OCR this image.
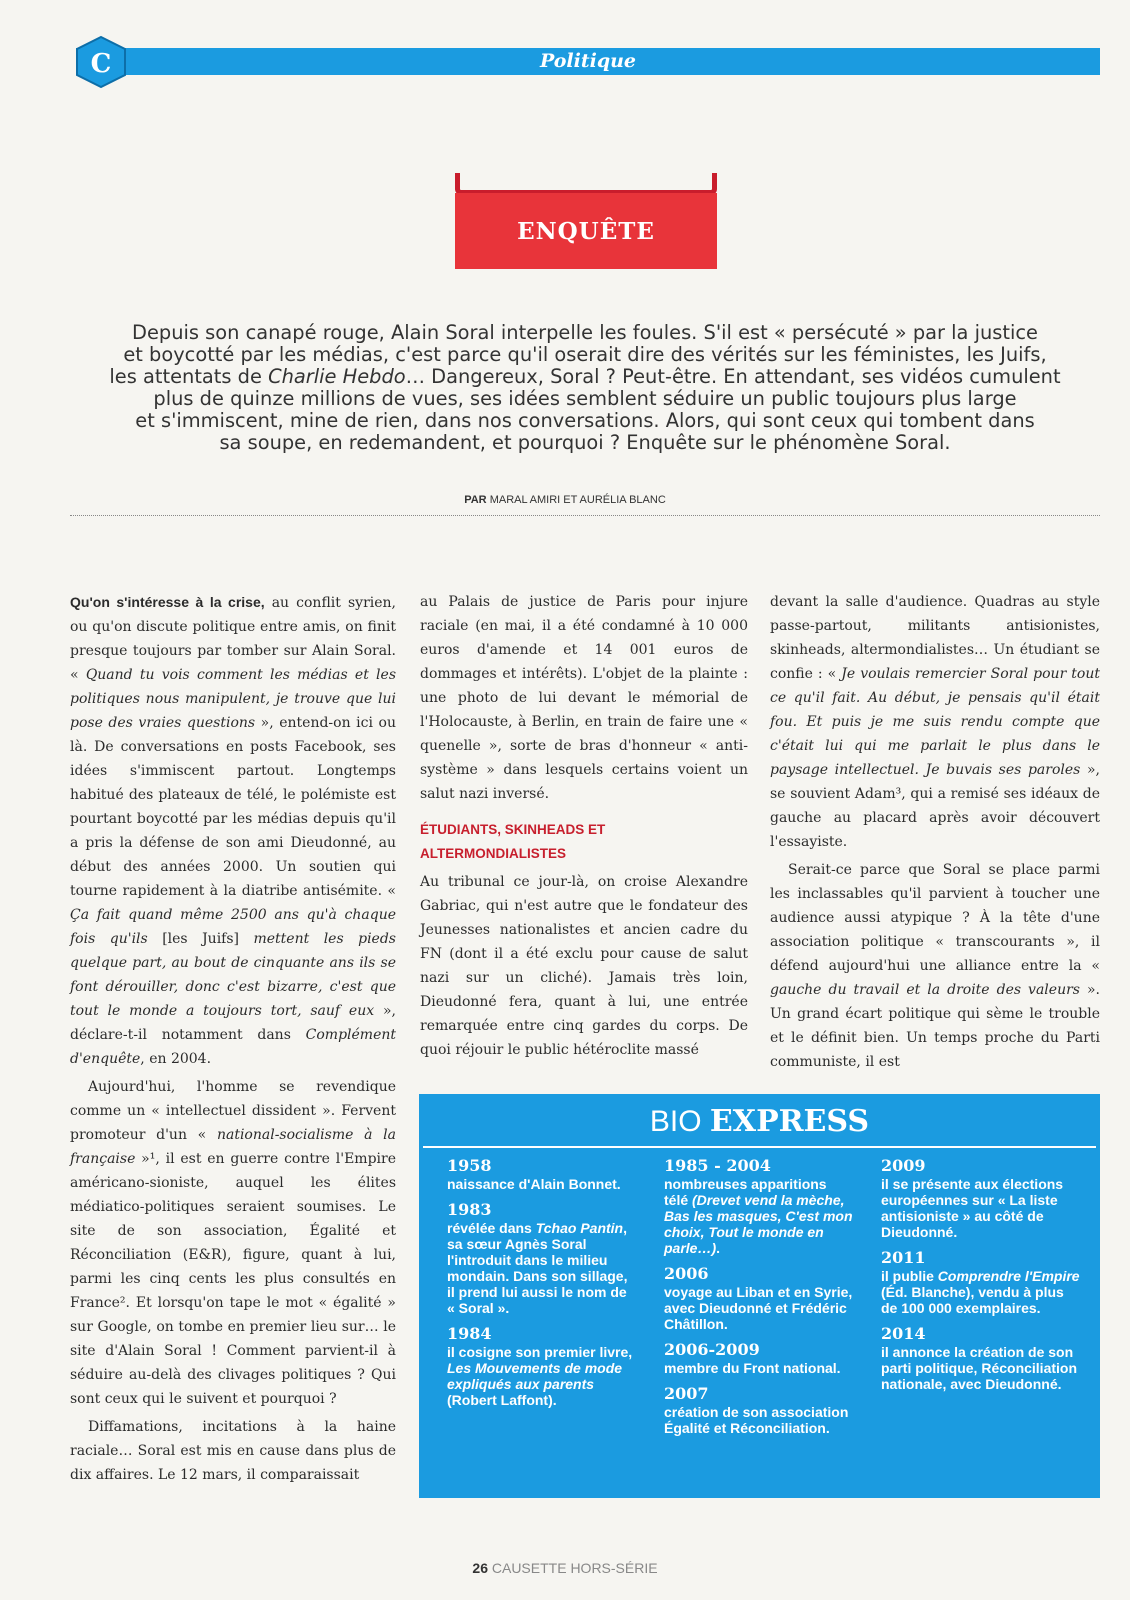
Politique
C
ENQUÊTE
Depuis son canapé rouge, Alain Soral interpelle les foules. S'il est « persécuté » par la justice
et boycotté par les médias, c'est parce qu'il oserait dire des vérités sur les féministes, les Juifs,
les attentats de Charlie Hebdo… Dangereux, Soral ? Peut-être. En attendant, ses vidéos cumulent
plus de quinze millions de vues, ses idées semblent séduire un public toujours plus large
et s'immiscent, mine de rien, dans nos conversations. Alors, qui sont ceux qui tombent dans
sa soupe, en redemandent, et pourquoi ? Enquête sur le phénomène Soral.
PAR MARAL AMIRI ET AURÉLIA BLANC

Qu'on s'intéresse à la crise, au conflit syrien, ou qu'on discute politique entre amis, on finit presque toujours par tomber sur Alain Soral. « Quand tu vois comment les médias et les politiques nous manipulent, je trouve que lui pose des vraies questions », entend-on ici ou là. De conversations en posts Facebook, ses idées s'immiscent partout. Longtemps habitué des plateaux de télé, le polémiste est pourtant boycotté par les médias depuis qu'il a pris la défense de son ami Dieudonné, au début des années 2000. Un soutien qui tourne rapidement à la diatribe antisémite. « Ça fait quand même 2500 ans qu'à chaque fois qu'ils [les Juifs] mettent les pieds quelque part, au bout de cinquante ans ils se font dérouiller, donc c'est bizarre, c'est que tout le monde a toujours tort, sauf eux », déclare-t-il notamment dans Complément d'enquête, en 2004.

Aujourd'hui, l'homme se revendique comme un « intellectuel dissident ». Fervent promoteur d'un « national-socialisme à la française »¹, il est en guerre contre l'Empire américano-sioniste, auquel les élites médiatico-politiques seraient soumises. Le site de son association, Égalité et Réconciliation (E&R), figure, quant à lui, parmi les cinq cents les plus consultés en France². Et lorsqu'on tape le mot « égalité » sur Google, on tombe en premier lieu sur… le site d'Alain Soral ! Comment parvient-il à séduire au-delà des clivages politiques ? Qui sont ceux qui le suivent et pourquoi ?

Diffamations, incitations à la haine raciale… Soral est mis en cause dans plus de dix affaires. Le 12 mars, il comparaissait

au Palais de justice de Paris pour injure raciale (en mai, il a été condamné à 10 000 euros d'amende et 14 001 euros de dommages et intérêts). L'objet de la plainte : une photo de lui devant le mémorial de l'Holocauste, à Berlin, en train de faire une « quenelle », sorte de bras d'honneur « anti-système » dans lesquels certains voient un salut nazi inversé.

ÉTUDIANTS, SKINHEADS ET ALTERMONDIALISTES

Au tribunal ce jour-là, on croise Alexandre Gabriac, qui n'est autre que le fondateur des Jeunesses nationalistes et ancien cadre du FN (dont il a été exclu pour cause de salut nazi sur un cliché). Jamais très loin, Dieudonné fera, quant à lui, une entrée remarquée entre cinq gardes du corps. De quoi réjouir le public hétéroclite massé

devant la salle d'audience. Quadras au style passe-partout, militants antisionistes, skinheads, altermondialistes… Un étudiant se confie : « Je voulais remercier Soral pour tout ce qu'il fait. Au début, je pensais qu'il était fou. Et puis je me suis rendu compte que c'était lui qui me parlait le plus dans le paysage intellectuel. Je buvais ses paroles », se souvient Adam³, qui a remisé ses idéaux de gauche au placard après avoir découvert l'essayiste.

Serait-ce parce que Soral se place parmi les inclassables qu'il parvient à toucher une audience aussi atypique ? À la tête d'une association politique « transcourants », il défend aujourd'hui une alliance entre la « gauche du travail et la droite des valeurs ». Un grand écart politique qui sème le trouble et le définit bien. Un temps proche du Parti communiste, il est

BIO EXPRESS
1958
naissance d'Alain Bonnet.
1983
révélée dans Tchao Pantin, sa sœur Agnès Soral l'introduit dans le milieu mondain. Dans son sillage, il prend lui aussi le nom de « Soral ».
1984
il cosigne son premier livre, Les Mouvements de mode expliqués aux parents (Robert Laffont).
1985 - 2004
nombreuses apparitions télé (Drevet vend la mèche, Bas les masques, C'est mon choix, Tout le monde en parle…).
2006
voyage au Liban et en Syrie, avec Dieudonné et Frédéric Châtillon.
2006-2009
membre du Front national.
2007
création de son association Égalité et Réconciliation.
2009
il se présente aux élections européennes sur « La liste antisioniste » au côté de Dieudonné.
2011
il publie Comprendre l'Empire (Éd. Blanche), vendu à plus de 100 000 exemplaires.
2014
il annonce la création de son parti politique, Réconciliation nationale, avec Dieudonné.
26 CAUSETTE HORS-SÉRIE
